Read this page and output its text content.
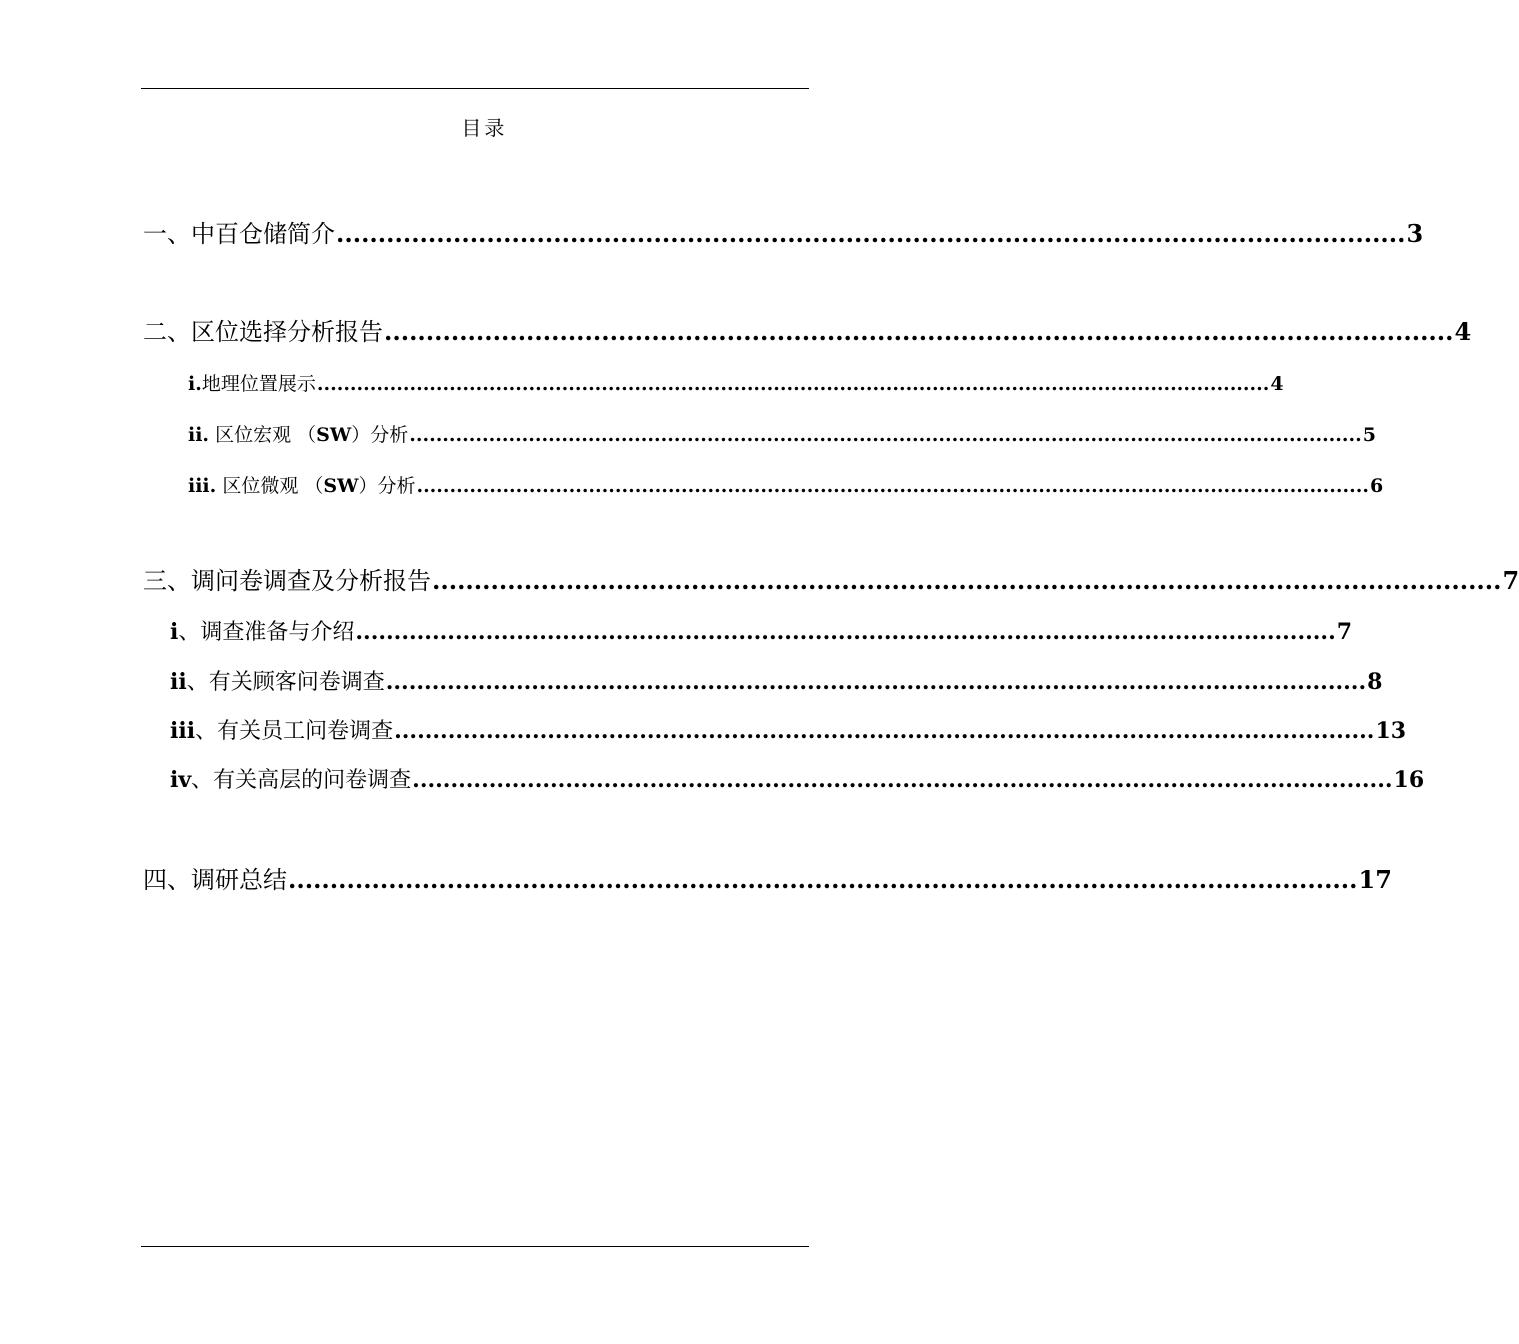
目录
一、中百仓储简介 ................................................................................................................................ 3
二、区位选择分析报告 ................................................................................................................................ 4
i.地理位置展示 ................................................................................................................................................ 4
ii. 区位宏观 （SW）分析 ................................................................................................................................................ 5
iii. 区位微观 （SW）分析 ................................................................................................................................................ 6
三、调问卷调查及分析报告 ................................................................................................................................ 7
i、调查准备与介绍 ................................................................................................................................ 7
ii、有关顾客问卷调查 ................................................................................................................................ 8
iii、有关员工问卷调查 ................................................................................................................................ 13
iv、有关高层的问卷调查 ................................................................................................................................ 16
四、调研总结 ................................................................................................................................ 17
